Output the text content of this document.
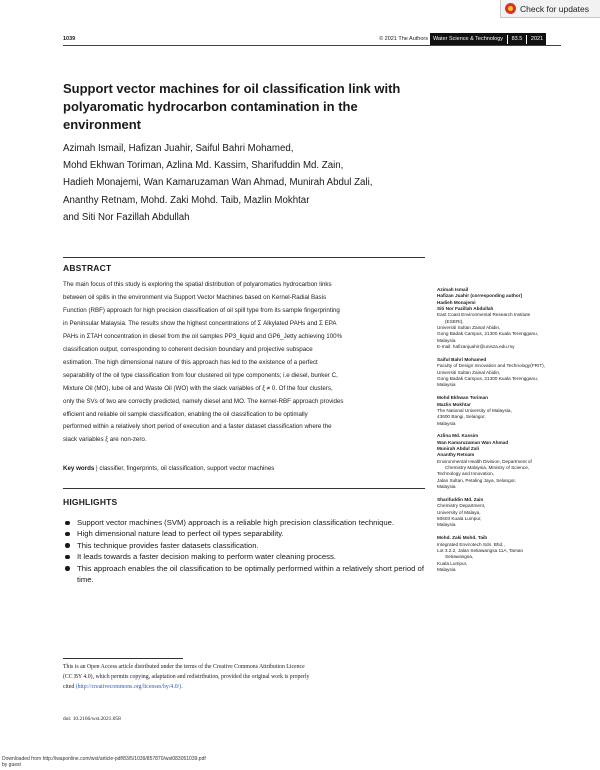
Check for updates
1039	© 2021 The Authors Water Science & Technology 83.5 2021
Support vector machines for oil classification link with polyaromatic hydrocarbon contamination in the environment
Azimah Ismail, Hafizan Juahir, Saiful Bahri Mohamed,
Mohd Ekhwan Toriman, Azlina Md. Kassim, Sharifuddin Md. Zain,
Hadieh Monajemi, Wan Kamaruzaman Wan Ahmad, Munirah Abdul Zali,
Ananthy Retnam, Mohd. Zaki Mohd. Taib, Mazlin Mokhtar
and Siti Nor Fazillah Abdullah
ABSTRACT
The main focus of this study is exploring the spatial distribution of polyaromatics hydrocarbon links
between oil spills in the environment via Support Vector Machines based on Kernel-Radial Basis
Function (RBF) approach for high precision classification of oil spill type from its sample fingerprinting
in Peninsular Malaysia. The results show the highest concentrations of Σ Alkylated PAHs and Σ EPA
PAHs in ΣTAH concentration in diesel from the oil samples PP3_liquid and GP6_Jetty achieving 100%
classification output, corresponding to coherent decision boundary and projective subspace
estimation. The high dimensional nature of this approach has led to the existence of a perfect
separability of the oil type classification from four clustered oil type components; i.e diesel, bunker C,
Mixture Oil (MO), lube oil and Waste Oil (WO) with the slack variables of ξ ≠ 0. Of the four clusters,
only the SVs of two are correctly predicted, namely diesel and MO. The kernel-RBF approach provides
efficient and reliable oil sample classification, enabling the oil classification to be optimally
performed within a relatively short period of execution and a faster dataset classification where the
slack variables ξ are non-zero.
Key words | classifier, fingerprints, oil classification, support vector machines
HIGHLIGHTS
Support vector machines (SVM) approach is a reliable high precision classification technique.
High dimensional nature lead to perfect oil types separability.
This technique provides faster datasets classification.
It leads towards a faster decision making to perform water cleaning process.
This approach enables the oil classification to be optimally performed within a relatively short period of time.
This is an Open Access article distributed under the terms of the Creative Commons Attribution Licence (CC BY 4.0), which permits copying, adaptation and redistribution, provided the original work is properly cited (http://creativecommons.org/licenses/by/4.0/).
doi: 10.2166/wst.2021.058
Downloaded from http://iwaponline.com/wst/article-pdf/83/5/1039/857870/wst083051039.pdf
by guest
Azimah Ismail
Hafizan Juahir (corresponding author)
Hadieh Monajemi
Siti Nor Fazillah Abdullah
East Coast Environmental Research Institute
(ESERI),
Universiti Sultan Zainal Abidin,
Gong Badak Campus, 21300 Kuala Terengganu,
Malaysia
E-mail: hafizanjuahir@unisza.edu.my
Saiful Bahri Mohamed
Faculty of Design Innovation and Technology(FRIT),
Universiti Sultan Zainal Abidin,
Gong Badak Campus, 21300 Kuala Terengganu,
Malaysia
Mohd Ekhwan Toriman
Mazlin Mokhtar
The National University of Malaysia,
43600 Bangi, Selangor,
Malaysia
Azlina Md. Kassim
Wan Kamaruzaman Wan Ahmad
Munirah Abdul Zali
Ananthy Retnam
Environmental Health Division, Department of
Chemistry Malaysia, Ministry of Science,
Technology and Innovation,
Jalan Sultan, Petaling Jaya, Selangor,
Malaysia
Sharifuddin Md. Zain
Chemistry Department,
University of Malaya,
50603 Kuala Lumpur,
Malaysia
Mohd. Zaki Mohd. Taib
Integrated Envirotech Sdn. Bhd.,
Lot 3.2.2, Jalan Setiawangsa 11A, Taman
Setiawangsa,
Kuala Lumpur,
Malaysia
